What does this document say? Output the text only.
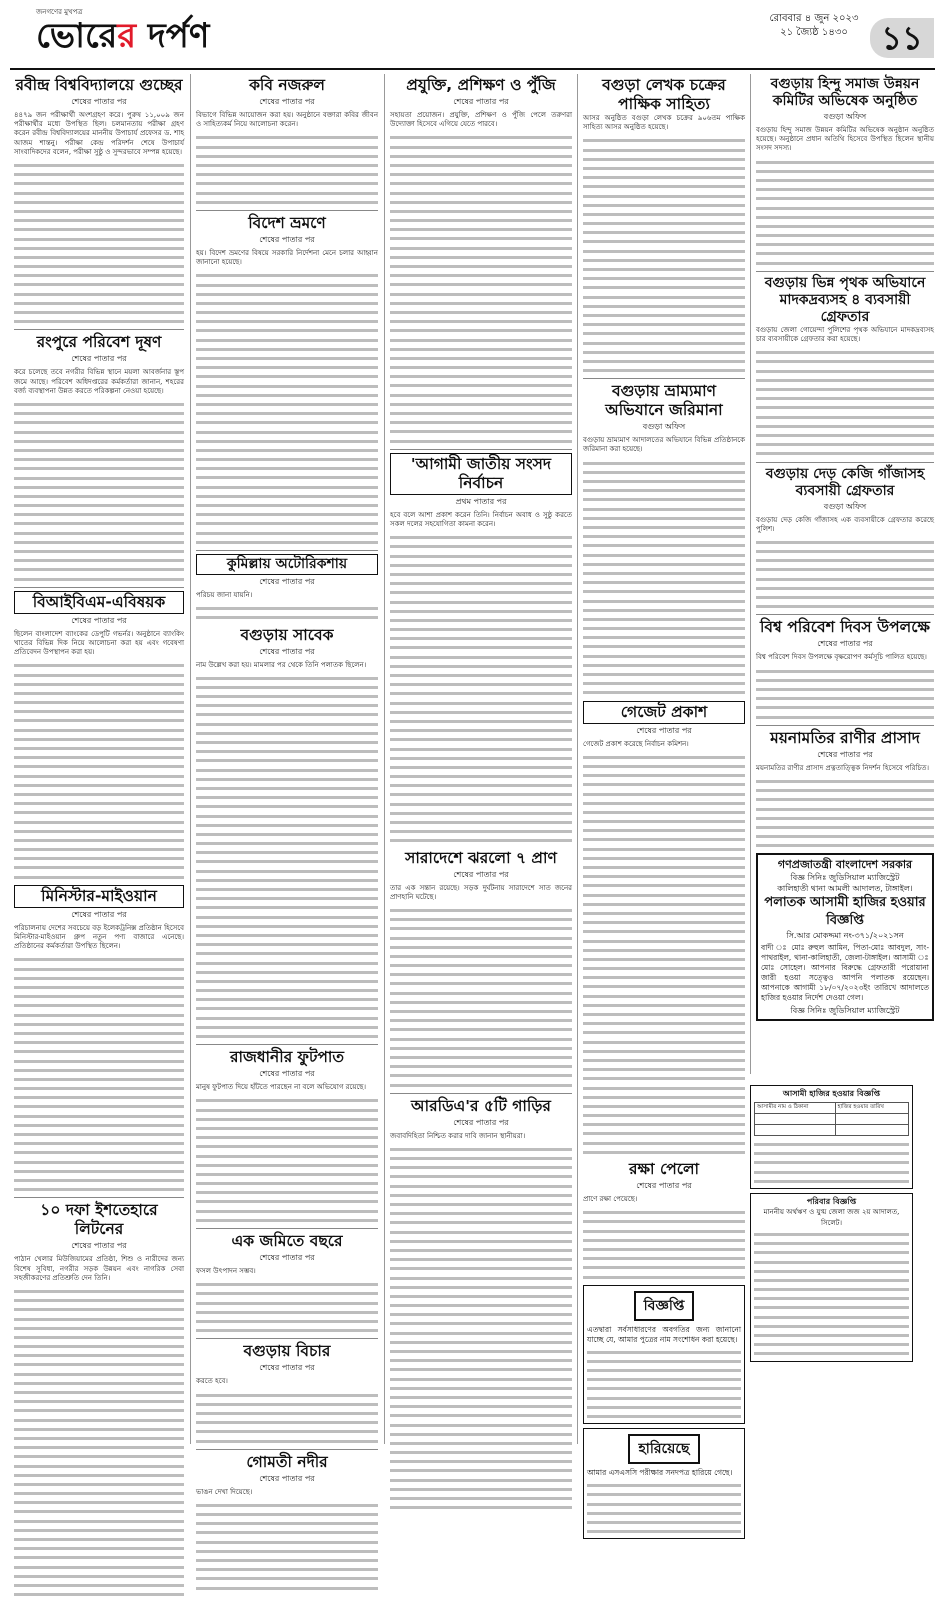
জনগণের মুখপত্র
ভোরের দর্পণ	রোববার ৪ জুন ২০২৩
২১ জ্যৈষ্ঠ ১৪৩০	১১
রবীন্দ্র বিশ্ববিদ্যালয়ে গুচ্ছের
শেষের পাতার পর

৪৪৭৯ জন পরীক্ষার্থী অংশগ্রহণ করে। পুরুষ ১১,০০৯ জন পরীক্ষার্থীর মধ্যে উপস্থিত ছিল। চলমানতায় পরীক্ষা গ্রহণ করেন রবীন্দ্র বিশ্ববিদ্যালয়ের মাননীয় উপাচার্য প্রফেসর ড. শাহ আজম শান্তনু। পরীক্ষা কেন্দ্র পরিদর্শন শেষে উপাচার্য সাংবাদিকদের বলেন, পরীক্ষা সুষ্ঠু ও সুন্দরভাবে সম্পন্ন হয়েছে।

রংপুরে পরিবেশ দূষণ
শেষের পাতার পর

করে চলেছে তবে নগরীর বিভিন্ন স্থানে ময়লা আবর্জনার স্তূপ জমে আছে। পরিবেশ অধিদপ্তরের কর্মকর্তারা জানান, শহরের বর্জ্য ব্যবস্থাপনা উন্নত করতে পরিকল্পনা নেওয়া হয়েছে।

বিআইবিএম-এবিষয়ক
শেষের পাতার পর

ছিলেন বাংলাদেশ ব্যাংকের ডেপুটি গভর্নর। অনুষ্ঠানে ব্যাংকিং খাতের বিভিন্ন দিক নিয়ে আলোচনা করা হয় এবং গবেষণা প্রতিবেদন উপস্থাপন করা হয়।

মিনিস্টার-মাইওয়ান
শেষের পাতার পর

পরিচালনায় দেশের সবচেয়ে বড় ইলেকট্রনিক্স প্রতিষ্ঠান হিসেবে মিনিস্টার-মাইওয়ান গ্রুপ নতুন পণ্য বাজারে এনেছে। প্রতিষ্ঠানের কর্মকর্তারা উপস্থিত ছিলেন।

১০ দফা ইশতেহারে লিটনের
শেষের পাতার পর

পাঠান খেলার মিউজিয়ামের প্রতিষ্ঠা, শিশু ও নারীদের জন্য বিশেষ সুবিধা, নগরীর সড়ক উন্নয়ন এবং নাগরিক সেবা সহজীকরণের প্রতিশ্রুতি দেন তিনি।

কবি নজরুল
শেষের পাতার পর

বিভাগে বিভিন্ন আয়োজন করা হয়। অনুষ্ঠানে বক্তারা কবির জীবন ও সাহিত্যকর্ম নিয়ে আলোচনা করেন।

বিদেশ ভ্রমণে
শেষের পাতার পর

হয়। বিদেশ ভ্রমণের বিষয়ে সরকারি নির্দেশনা মেনে চলার আহ্বান জানানো হয়েছে।

কুমিল্লায় অটোরিকশায়
শেষের পাতার পর

পরিচয় জানা যায়নি।

বগুড়ায় সাবেক
শেষের পাতার পর

নাম উল্লেখ করা হয়। মামলার পর থেকে তিনি পলাতক ছিলেন।

রাজধানীর ফুটপাত
শেষের পাতার পর

মানুষ ফুটপাত দিয়ে হাঁটতে পারছেন না বলে অভিযোগ রয়েছে।

এক জমিতে বছরে
শেষের পাতার পর

ফসল উৎপাদন সম্ভব।

বগুড়ায় বিচার
শেষের পাতার পর

করতে হবে।

গোমতী নদীর
শেষের পাতার পর

ভাঙন দেখা দিয়েছে।

প্রযুক্তি, প্রশিক্ষণ ও পুঁজি
শেষের পাতার পর

সহায়তা প্রয়োজন। প্রযুক্তি, প্রশিক্ষণ ও পুঁজি পেলে তরুণরা উদ্যোক্তা হিসেবে এগিয়ে যেতে পারবে।

'আগামী জাতীয় সংসদ নির্বাচন
প্রথম পাতার পর

হবে বলে আশা প্রকাশ করেন তিনি। নির্বাচন অবাধ ও সুষ্ঠু করতে সকল দলের সহযোগিতা কামনা করেন।

সারাদেশে ঝরলো ৭ প্রাণ
শেষের পাতার পর

তার এক সন্তান রয়েছে। সড়ক দুর্ঘটনায় সারাদেশে সাত জনের প্রাণহানি ঘটেছে।

আরডিএ'র ৫টি গাড়ির
শেষের পাতার পর

জবাবদিহিতা নিশ্চিত করার দাবি জানান স্থানীয়রা।

বগুড়া লেখক চক্রের পাক্ষিক সাহিত্য

আসর অনুষ্ঠিত বগুড়া লেখক চক্রের ৯০৬তম পাক্ষিক সাহিত্য আসর অনুষ্ঠিত হয়েছে।

বগুড়ায় ভ্রাম্যমাণ অভিযানে জরিমানা
বগুড়া অফিস

বগুড়ায় ভ্রাম্যমাণ আদালতের অভিযানে বিভিন্ন প্রতিষ্ঠানকে জরিমানা করা হয়েছে।

গেজেট প্রকাশ
শেষের পাতার পর

গেজেট প্রকাশ করেছে নির্বাচন কমিশন।

রক্ষা পেলো
শেষের পাতার পর

প্রাণে রক্ষা পেয়েছে।

বিজ্ঞপ্তি

এতদ্বারা সর্বসাধারণের অবগতির জন্য জানানো যাচ্ছে যে, আমার পুত্রের নাম সংশোধন করা হয়েছে।

হারিয়েছে

আমার এসএসসি পরীক্ষার সনদপত্র হারিয়ে গেছে।

বগুড়ায় হিন্দু সমাজ উন্নয়ন কমিটির অভিষেক অনুষ্ঠিত
বগুড়া অফিস

বগুড়ায় হিন্দু সমাজ উন্নয়ন কমিটির অভিষেক অনুষ্ঠান অনুষ্ঠিত হয়েছে। অনুষ্ঠানে প্রধান অতিথি হিসেবে উপস্থিত ছিলেন স্থানীয় সংসদ সদস্য।

বগুড়ায় ভিন্ন পৃথক অভিযানে মাদকদ্রব্যসহ ৪ ব্যবসায়ী গ্রেফতার

বগুড়ায় জেলা গোয়েন্দা পুলিশের পৃথক অভিযানে মাদকদ্রব্যসহ চার ব্যবসায়ীকে গ্রেফতার করা হয়েছে।

বগুড়ায় দেড় কেজি গাঁজাসহ ব্যবসায়ী গ্রেফতার
বগুড়া অফিস

বগুড়ায় দেড় কেজি গাঁজাসহ এক ব্যবসায়ীকে গ্রেফতার করেছে পুলিশ।

বিশ্ব পরিবেশ দিবস উপলক্ষে
শেষের পাতার পর

বিশ্ব পরিবেশ দিবস উপলক্ষে বৃক্ষরোপণ কর্মসূচি পালিত হয়েছে।

ময়নামতির রাণীর প্রাসাদ
শেষের পাতার পর

ময়নামতির রাণীর প্রাসাদ প্রত্নতাত্ত্বিক নিদর্শন হিসেবে পরিচিত।

গণপ্রজাতন্ত্রী বাংলাদেশ সরকার
বিজ্ঞ সিনিঃ জুডিসিয়াল ম্যাজিস্ট্রেট
কালিহাতী থানা আমলী আদালত, টাঙ্গাইল।
পলাতক আসামী হাজির হওয়ার বিজ্ঞপ্তি
সি.আর মোকদ্দমা নং-৩৭১/২০২১সন

বাদী ঃ মোঃ রুহুল আমিন, পিতা-মোঃ আবদুল, সাং-পাথরাইল, থানা-কালিহাতী, জেলা-টাঙ্গাইল। আসামী ঃ মোঃ সোহেল। আপনার বিরুদ্ধে গ্রেফতারী পরোয়ানা জারী হওয়া সত্ত্বেও আপনি পলাতক রয়েছেন। আপনাকে আগামী ১৮/০৭/২০২৩ইং তারিখে আদালতে হাজির হওয়ার নির্দেশ দেওয়া গেল।

বিজ্ঞ সিনিঃ জুডিসিয়াল ম্যাজিস্ট্রেট
আসামী হাজির হওয়ার বিজ্ঞপ্তি
আসামীর নাম ও ঠিকানা	হাজির হওয়ার তারিখ

পরিবার বিজ্ঞপ্তি
মাননীয় অর্থঋণ ও যুগ্ম জেলা জজ ২য় আদালত, সিলেট।
